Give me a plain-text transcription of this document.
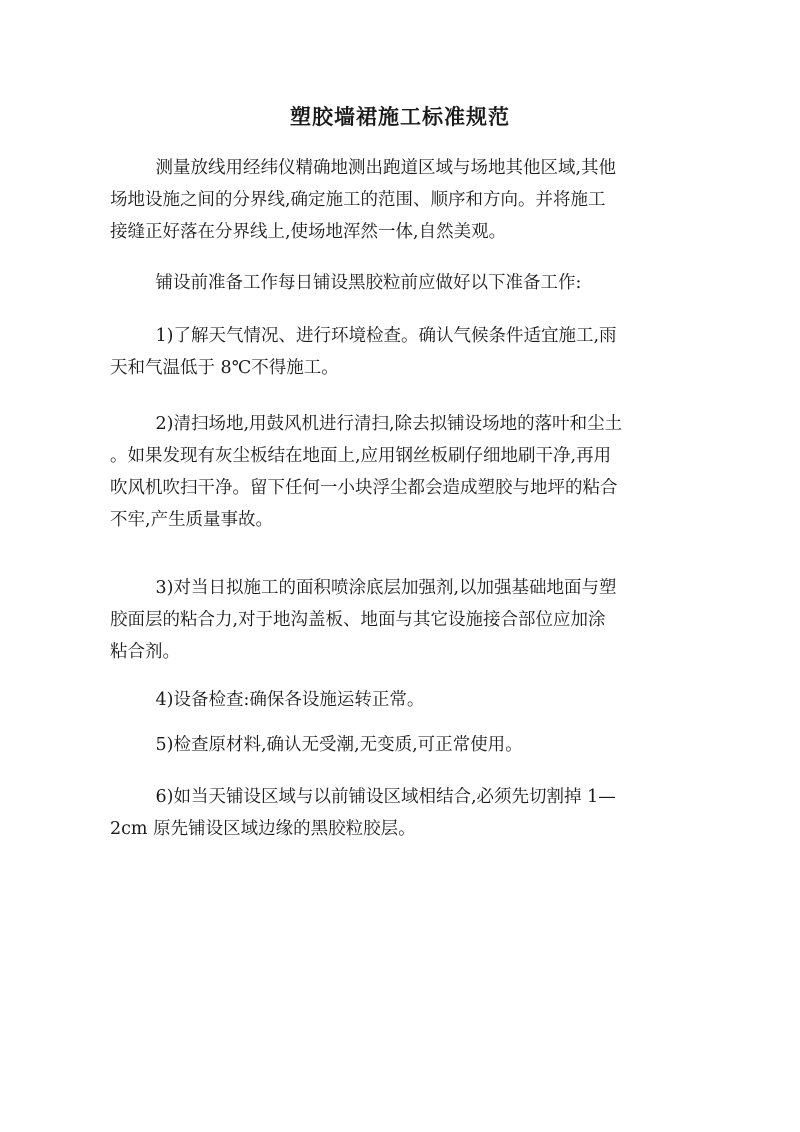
塑胶墙裙施工标准规范
测量放线用经纬仪精确地测出跑道区域与场地其他区域,其他
场地设施之间的分界线,确定施工的范围、顺序和方向。并将施工
接缝正好落在分界线上,使场地浑然一体,自然美观。
铺设前准备工作每日铺设黑胶粒前应做好以下准备工作:
1)了解天气情况、进行环境检查。确认气候条件适宜施工,雨
天和气温低于 8℃不得施工。
2)清扫场地,用鼓风机进行清扫,除去拟铺设场地的落叶和尘土
。如果发现有灰尘板结在地面上,应用钢丝板刷仔细地刷干净,再用
吹风机吹扫干净。留下任何一小块浮尘都会造成塑胶与地坪的粘合
不牢,产生质量事故。
3)对当日拟施工的面积喷涂底层加强剂,以加强基础地面与塑
胶面层的粘合力,对于地沟盖板、地面与其它设施接合部位应加涂
粘合剂。
4)设备检查:确保各设施运转正常。
5)检查原材料,确认无受潮,无变质,可正常使用。
6)如当天铺设区域与以前铺设区域相结合,必须先切割掉 1—
2cm 原先铺设区域边缘的黑胶粒胶层。
